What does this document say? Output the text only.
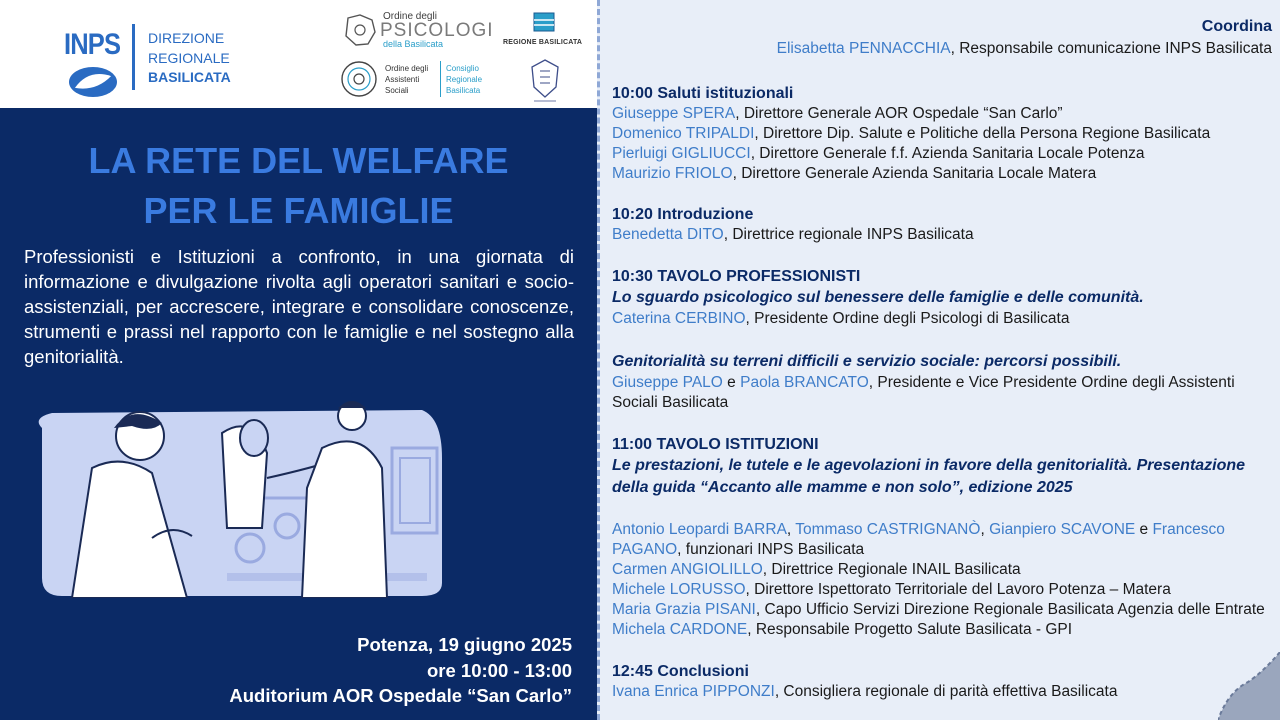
INPS DIREZIONE
REGIONALE
BASILICATA
Ordine degli
PSICOLOGI
della Basilicata
Ordine degli Assistenti Sociali
Consiglio Regionale Basilicata
REGIONE BASILICATA
LA RETE DEL WELFARE
PER LE FAMIGLIE
Professionisti e Istituzioni a confronto, in una giornata di informazione e divulgazione rivolta agli operatori sanitari e socio-assistenziali, per accrescere, integrare e consolidare conoscenze, strumenti e prassi nel rapporto con le famiglie e nel sostegno alla genitorialità.
Potenza, 19 giugno 2025
ore 10:00 - 13:00
Auditorium AOR Ospedale “San Carlo”
Coordina
Elisabetta PENNACCHIA, Responsabile comunicazione INPS Basilicata
10:00 Saluti istituzionali
Giuseppe SPERA, Direttore Generale AOR Ospedale “San Carlo”
Domenico TRIPALDI, Direttore Dip. Salute e Politiche della Persona Regione Basilicata
Pierluigi GIGLIUCCI, Direttore Generale f.f. Azienda Sanitaria Locale Potenza
Maurizio FRIOLO, Direttore Generale Azienda Sanitaria Locale Matera
10:20 Introduzione
Benedetta DITO, Direttrice regionale INPS Basilicata
10:30 TAVOLO PROFESSIONISTI
Lo sguardo psicologico sul benessere delle famiglie e delle comunità.
Caterina CERBINO, Presidente Ordine degli Psicologi di Basilicata
Genitorialità su terreni difficili e servizio sociale: percorsi possibili.
Giuseppe PALO e Paola BRANCATO, Presidente e Vice Presidente Ordine degli Assistenti
Sociali Basilicata
11:00 TAVOLO ISTITUZIONI
Le prestazioni, le tutele e le agevolazioni in favore della genitorialità. Presentazione
della guida “Accanto alle mamme e non solo”, edizione 2025
Antonio Leopardi BARRA, Tommaso CASTRIGNANÒ, Gianpiero SCAVONE e Francesco
PAGANO, funzionari INPS Basilicata
Carmen ANGIOLILLO, Direttrice Regionale INAIL Basilicata
Michele LORUSSO, Direttore Ispettorato Territoriale del Lavoro Potenza – Matera
Maria Grazia PISANI, Capo Ufficio Servizi Direzione Regionale Basilicata Agenzia delle Entrate
Michela CARDONE, Responsabile Progetto Salute Basilicata - GPI
12:45 Conclusioni
Ivana Enrica PIPPONZI, Consigliera regionale di parità effettiva Basilicata
